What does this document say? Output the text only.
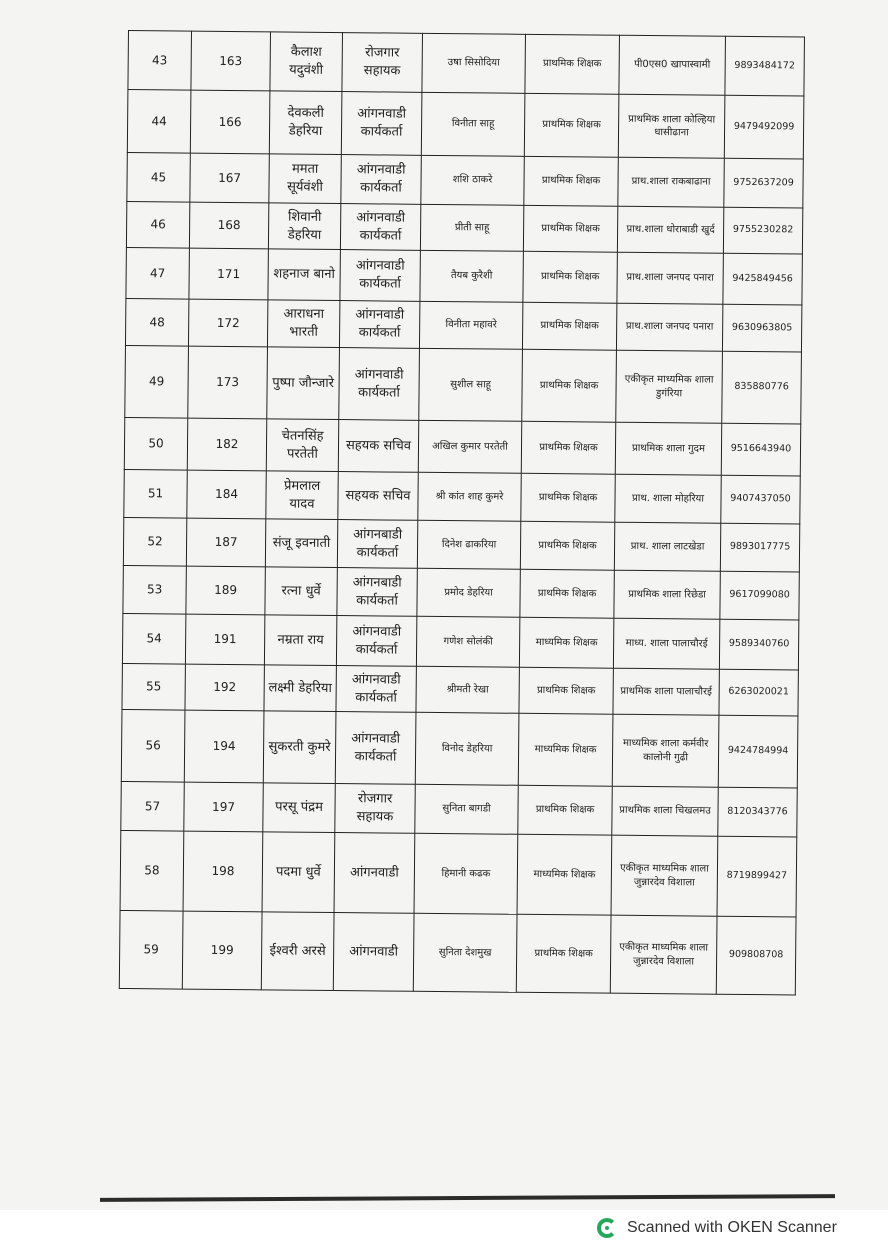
43	163	कैलाश यदुवंशी	रोजगार सहायक	उषा सिसोदिया	प्राथमिक शिक्षक	पी0एस0 खापास्वामी	9893484172
44	166	देवकली डेहरिया	आंगनवाडी कार्यकर्ता	विनीता साहू	प्राथमिक शिक्षक	प्राथमिक शाला कोल्हिया धासीढाना	9479492099
45	167	ममता सूर्यवंशी	आंगनवाडी कार्यकर्ता	शशि ठाकरे	प्राथमिक शिक्षक	प्राथ.शाला राकबाढाना	9752637209
46	168	शिवानी डेहरिया	आंगनवाडी कार्यकर्ता	प्रीती साहू	प्राथमिक शिक्षक	प्राथ.शाला धोराबाडी खुर्द	9755230282
47	171	शहनाज बानो	आंगनवाडी कार्यकर्ता	तैयब कुरैशी	प्राथमिक शिक्षक	प्राथ.शाला जनपद पनारा	9425849456
48	172	आराधना भारती	आंगनवाडी कार्यकर्ता	विनीता महावरे	प्राथमिक शिक्षक	प्राथ.शाला जनपद पनारा	9630963805
49	173	पुष्पा जौन्जारे	आंगनवाडी कार्यकर्ता	सुशील साहू	प्राथमिक शिक्षक	एकीकृत माध्यमिक शाला डुगंरिया	835880776
50	182	चेतनसिंह परतेती	सहयक सचिव	अखिल कुमार परतेती	प्राथमिक शिक्षक	प्राथमिक शाला गुदम	9516643940
51	184	प्रेमलाल यादव	सहयक सचिव	श्री कांत शाह कुमरे	प्राथमिक शिक्षक	प्राथ. शाला मोहरिया	9407437050
52	187	संजू इवनाती	आंगनबाडी कार्यकर्ता	दिनेश ढाकरिया	प्राथमिक शिक्षक	प्राथ. शाला लाटखेडा	9893017775
53	189	रत्ना धुर्वे	आंगनबाडी कार्यकर्ता	प्रमोद डेहरिया	प्राथमिक शिक्षक	प्राथमिक शाला रिछेडा	9617099080
54	191	नम्रता राय	आंगनवाडी कार्यकर्ता	गणेश सोलंकी	माध्यमिक शिक्षक	माध्य. शाला पालाचौरई	9589340760
55	192	लक्ष्मी डेहरिया	आंगनवाडी कार्यकर्ता	श्रीमती रेखा	प्राथमिक शिक्षक	प्राथमिक शाला पालाचौरई	6263020021
56	194	सुकरती कुमरे	आंगनवाडी कार्यकर्ता	विनोद डेहरिया	माध्यमिक शिक्षक	माध्यमिक शाला कर्मवीर कालोनी गुढी	9424784994
57	197	परसू पंद्रम	रोजगार सहायक	सुनिता बागडी	प्राथमिक शिक्षक	प्राथमिक शाला चिखलमउ	8120343776
58	198	पदमा धुर्वे	आंगनवाडी	हिमानी कढक	माध्यमिक शिक्षक	एकीकृत माध्यमिक शाला जुन्नारदेव विशाला	8719899427
59	199	ईश्वरी अरसे	आंगनवाडी	सुनिता देशमुख	प्राथमिक शिक्षक	एकीकृत माध्यमिक शाला जुन्नारदेव विशाला	909808708
Scanned with OKEN Scanner
